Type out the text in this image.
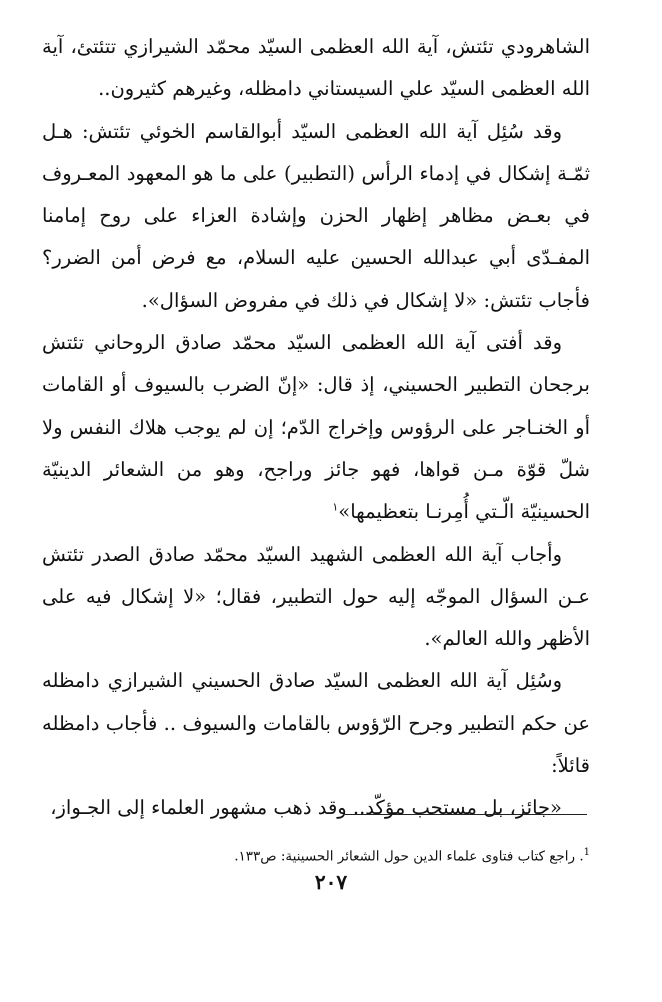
الشاهرودي تئتش، آية الله العظمى السيّد محمّد الشيرازي تتئتئ، آية الله العظمى السيّد علي السيستاني دامظله، وغيرهم كثيرون..

وقد سُئِل آية الله العظمى السيّد أبوالقاسم الخوئي تئتش: هـل ثمّـة إشكال في إدماء الرأس (التطبير) على ما هو المعهود المعـروف في بعـض مظاهر إظهار الحزن وإشادة العزاء على روح إمامنا المفـدّى أبي عبدالله الحسين عليه السلام، مع فرض أمن الضرر؟ فأجاب تئتش: «لا إشكال في ذلك في مفروض السؤال».

وقد أفتى آية الله العظمى السيّد محمّد صادق الروحاني تئتش برجحان التطبير الحسيني، إذ قال: «إنّ الضرب بالسيوف أو القامات أو الخنـاجر على الرؤوس وإخراج الدّم؛ إن لم يوجب هلاك النفس ولا شلّ قوّة مـن قواها، فهو جائز وراجح، وهو من الشعائر الدينيّة الحسينيّة الّـتي أُمِرنـا بتعظيمها»$^١$

وأجاب آية الله العظمى الشهيد السيّد محمّد صادق الصدر تئتش عـن السؤال الموجّه إليه حول التطبير، فقال؛ «لا إشكال فيه على الأظهر والله العالم».

وسُئِل آية الله العظمى السيّد صادق الحسيني الشيرازي دامظله عن حكم التطبير وجرح الرّؤوس بالقامات والسيوف .. فأجاب دامظله قائلاً:

«جائز، بل مستحب مؤكّد.. وقد ذهب مشهور العلماء إلى الجـواز،

$^1$. راجع كتاب فتاوى علماء الدين حول الشعائر الحسينية: ص١٣٣.
٢٠٧
